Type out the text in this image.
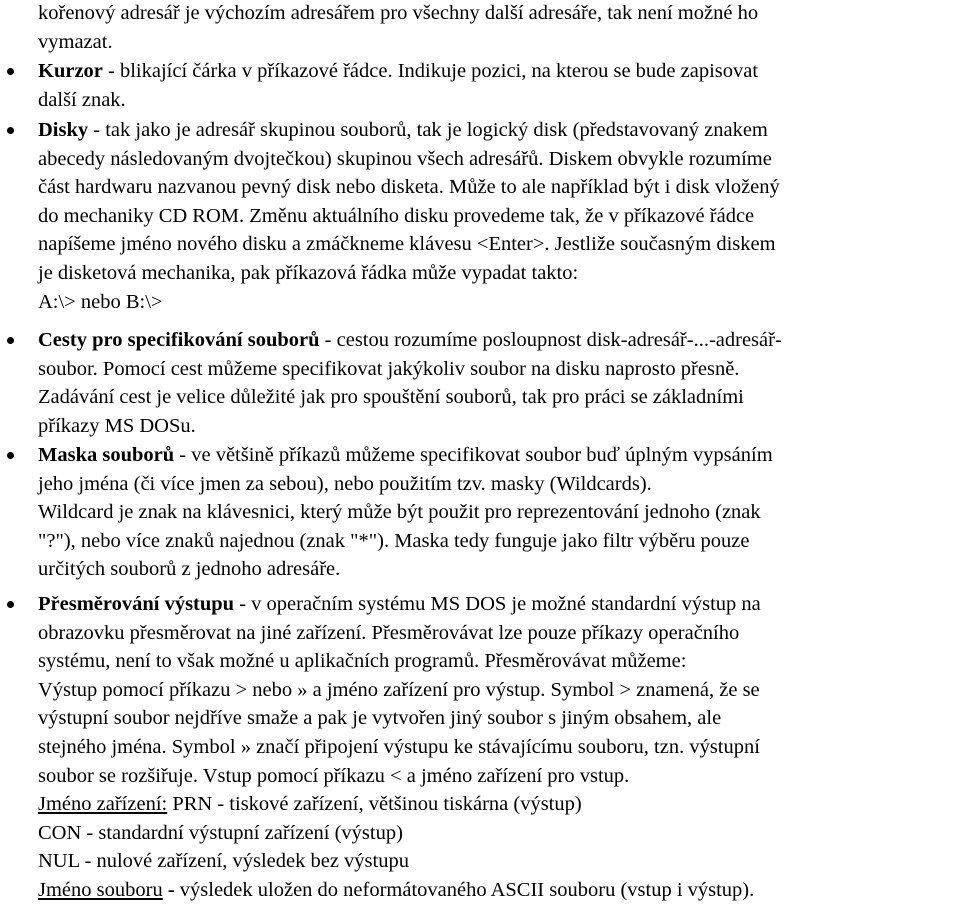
kořenový adresář je výchozím adresářem pro všechny další adresáře, tak není možné ho
vymazat.
Kurzor - blikající čárka v příkazové řádce. Indikuje pozici, na kterou se bude zapisovat
další znak.
Disky - tak jako je adresář skupinou souborů, tak je logický disk (představovaný znakem
abecedy následovaným dvojtečkou) skupinou všech adresářů. Diskem obvykle rozumíme
část hardwaru nazvanou pevný disk nebo disketa. Může to ale například být i disk vložený
do mechaniky CD ROM. Změnu aktuálního disku provedeme tak, že v příkazové řádce
napíšeme jméno nového disku a zmáčkneme klávesu <Enter>. Jestliže současným diskem
je disketová mechanika, pak příkazová řádka může vypadat takto:
A:\> nebo B:\>
Cesty pro specifikování souborů - cestou rozumíme posloupnost disk-adresář-...-adresář-
soubor. Pomocí cest můžeme specifikovat jakýkoliv soubor na disku naprosto přesně.
Zadávání cest je velice důležité jak pro spouštění souborů, tak pro práci se základními
příkazy MS DOSu.
Maska souborů - ve většině příkazů můžeme specifikovat soubor buď úplným vypsáním
jeho jména (či více jmen za sebou), nebo použitím tzv. masky (Wildcards).
Wildcard je znak na klávesnici, který může být použit pro reprezentování jednoho (znak
"?"), nebo více znaků najednou (znak "*"). Maska tedy funguje jako filtr výběru pouze
určitých souborů z jednoho adresáře.
Přesměrování výstupu - v operačním systému MS DOS je možné standardní výstup na
obrazovku přesměrovat na jiné zařízení. Přesměrovávat lze pouze příkazy operačního
systému, není to však možné u aplikačních programů. Přesměrovávat můžeme:
Výstup pomocí příkazu > nebo » a jméno zařízení pro výstup. Symbol > znamená, že se
výstupní soubor nejdříve smaže a pak je vytvořen jiný soubor s jiným obsahem, ale
stejného jména. Symbol » značí připojení výstupu ke stávajícímu souboru, tzn. výstupní
soubor se rozšiřuje. Vstup pomocí příkazu < a jméno zařízení pro vstup.
Jméno zařízení: PRN - tiskové zařízení, většinou tiskárna (výstup)
CON - standardní výstupní zařízení (výstup)
NUL - nulové zařízení, výsledek bez výstupu
Jméno souboru - výsledek uložen do neformátovaného ASCII souboru (vstup i výstup).
